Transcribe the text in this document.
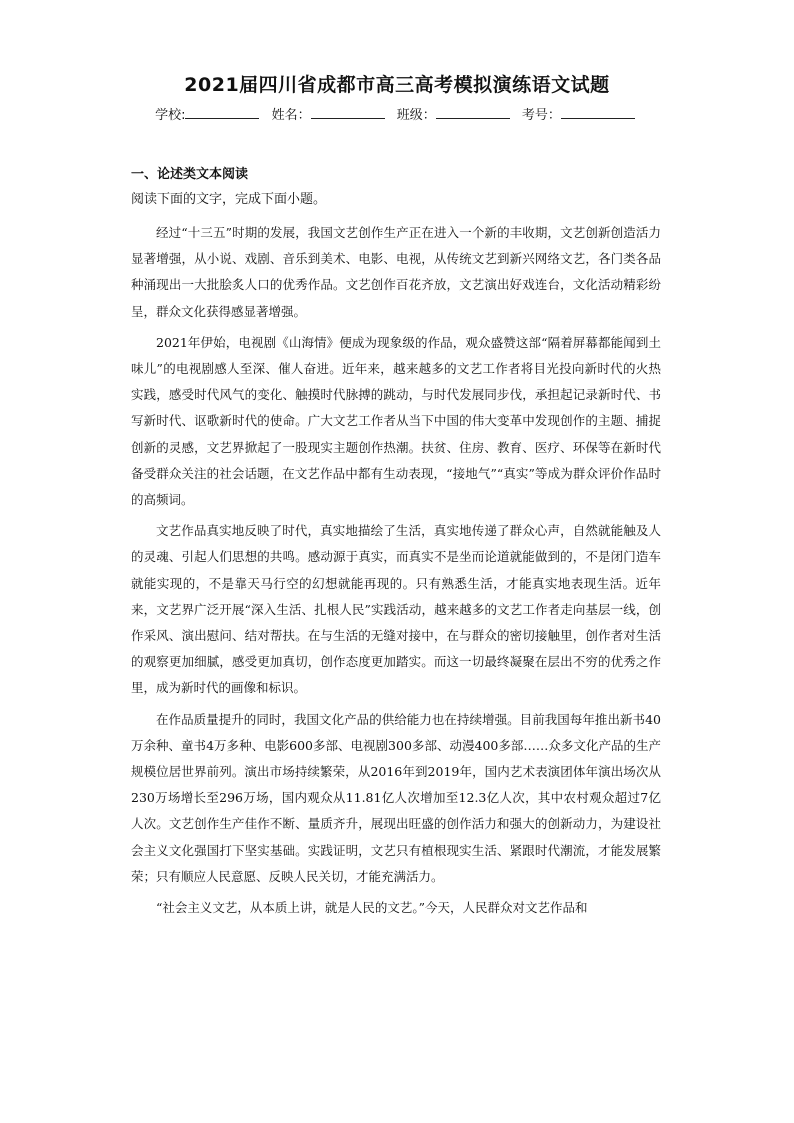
2021届四川省成都市高三高考模拟演练语文试题
学校:	姓名：	班级：	考号：
一、论述类文本阅读
阅读下面的文字，完成下面小题。

经过“十三五”时期的发展，我国文艺创作生产正在进入一个新的丰收期，文艺创新创造活力显著增强，从小说、戏剧、音乐到美术、电影、电视，从传统文艺到新兴网络文艺，各门类各品种涌现出一大批脍炙人口的优秀作品。文艺创作百花齐放，文艺演出好戏连台，文化活动精彩纷呈，群众文化获得感显著增强。

2021年伊始，电视剧《山海情》便成为现象级的作品，观众盛赞这部“隔着屏幕都能闻到土味儿”的电视剧感人至深、催人奋进。近年来，越来越多的文艺工作者将目光投向新时代的火热实践，感受时代风气的变化、触摸时代脉搏的跳动，与时代发展同步伐，承担起记录新时代、书写新时代、讴歌新时代的使命。广大文艺工作者从当下中国的伟大变革中发现创作的主题、捕捉创新的灵感，文艺界掀起了一股现实主题创作热潮。扶贫、住房、教育、医疗、环保等在新时代备受群众关注的社会话题，在文艺作品中都有生动表现，“接地气”“真实”等成为群众评价作品时的高频词。

文艺作品真实地反映了时代，真实地描绘了生活，真实地传递了群众心声，自然就能触及人的灵魂、引起人们思想的共鸣。感动源于真实，而真实不是坐而论道就能做到的，不是闭门造车就能实现的，不是靠天马行空的幻想就能再现的。只有熟悉生活，才能真实地表现生活。近年来，文艺界广泛开展“深入生活、扎根人民”实践活动，越来越多的文艺工作者走向基层一线，创作采风、演出慰问、结对帮扶。在与生活的无缝对接中，在与群众的密切接触里，创作者对生活的观察更加细腻，感受更加真切，创作态度更加踏实。而这一切最终凝聚在层出不穷的优秀之作里，成为新时代的画像和标识。

在作品质量提升的同时，我国文化产品的供给能力也在持续增强。目前我国每年推出新书40万余种、童书4万多种、电影600多部、电视剧300多部、动漫400多部……众多文化产品的生产规模位居世界前列。演出市场持续繁荣，从2016年到2019年，国内艺术表演团体年演出场次从230万场增长至296万场，国内观众从11.81亿人次增加至12.3亿人次，其中农村观众超过7亿人次。文艺创作生产佳作不断、量质齐升，展现出旺盛的创作活力和强大的创新动力，为建设社会主义文化强国打下坚实基础。实践证明，文艺只有植根现实生活、紧跟时代潮流，才能发展繁荣；只有顺应人民意愿、反映人民关切，才能充满活力。

“社会主义文艺，从本质上讲，就是人民的文艺。”今天，人民群众对文艺作品和
